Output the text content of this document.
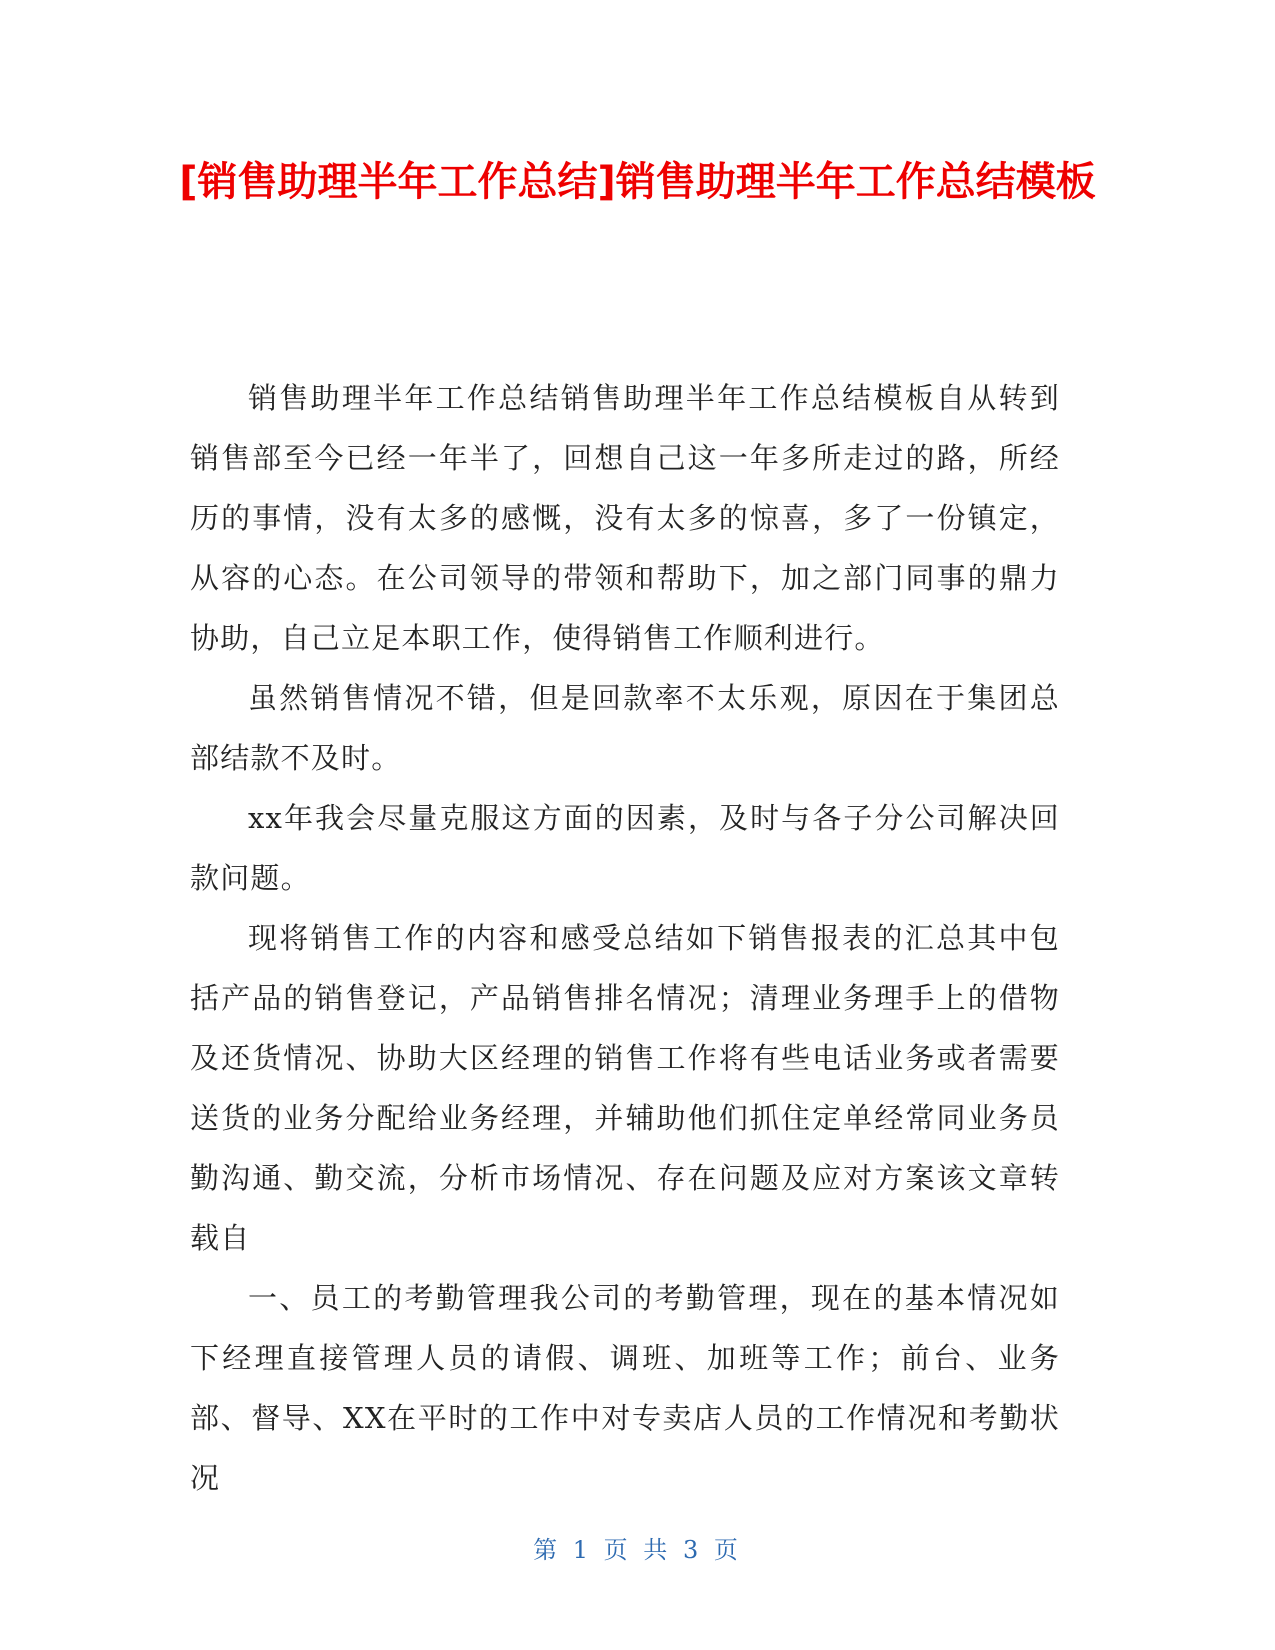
[销售助理半年工作总结]销售助理半年工作总结模板

销售助理半年工作总结销售助理半年工作总结模板自从转到销售部至今已经一年半了，回想自己这一年多所走过的路，所经历的事情，没有太多的感慨，没有太多的惊喜，多了一份镇定，从容的心态。在公司领导的带领和帮助下，加之部门同事的鼎力协助，自己立足本职工作，使得销售工作顺利进行。

虽然销售情况不错，但是回款率不太乐观，原因在于集团总部结款不及时。

xx年我会尽量克服这方面的因素，及时与各子分公司解决回款问题。

现将销售工作的内容和感受总结如下销售报表的汇总其中包括产品的销售登记，产品销售排名情况；清理业务理手上的借物及还货情况、协助大区经理的销售工作将有些电话业务或者需要送货的业务分配给业务经理，并辅助他们抓住定单经常同业务员勤沟通、勤交流，分析市场情况、存在问题及应对方案该文章转载自

一、员工的考勤管理我公司的考勤管理，现在的基本情况如下经理直接管理人员的请假、调班、加班等工作；前台、业务部、督导、XX在平时的工作中对专卖店人员的工作情况和考勤状况

第 1 页 共 3 页
